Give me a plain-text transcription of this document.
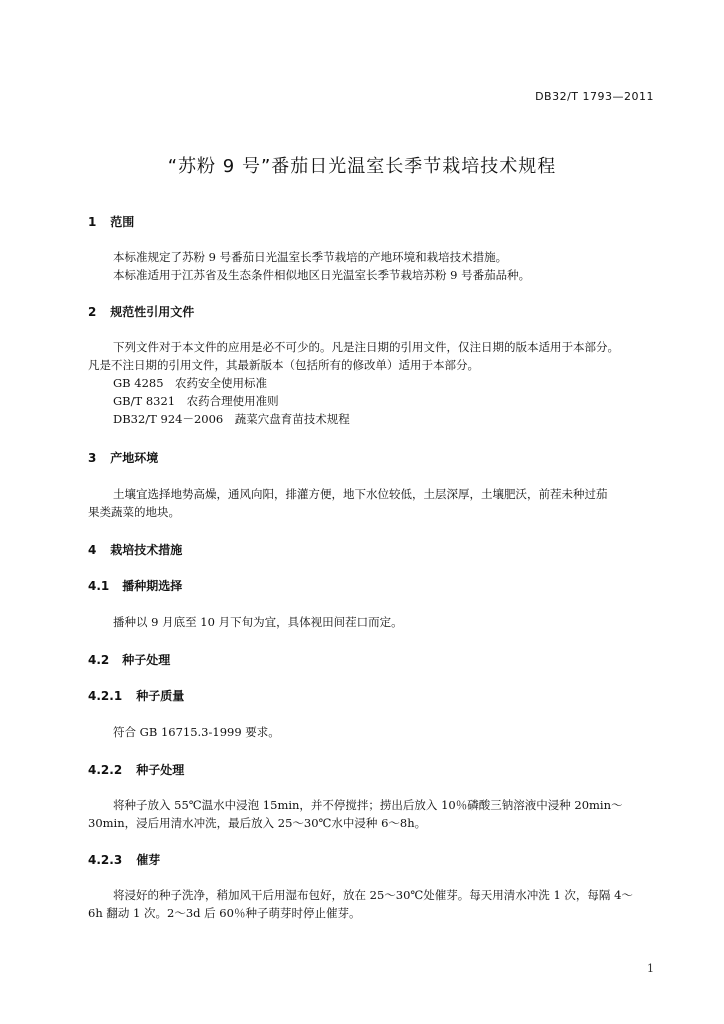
DB32/T 1793—2011
“苏粉 9 号”番茄日光温室长季节栽培技术规程
1 范围
本标准规定了苏粉 9 号番茄日光温室长季节栽培的产地环境和栽培技术措施。
本标准适用于江苏省及生态条件相似地区日光温室长季节栽培苏粉 9 号番茄品种。
2 规范性引用文件
下列文件对于本文件的应用是必不可少的。凡是注日期的引用文件，仅注日期的版本适用于本部分。
凡是不注日期的引用文件，其最新版本（包括所有的修改单）适用于本部分。
GB 4285　农药安全使用标准
GB/T 8321　农药合理使用准则
DB32/T 924－2006　蔬菜穴盘育苗技术规程
3 产地环境
土壤宜选择地势高燥，通风向阳，排灌方便，地下水位较低，土层深厚，土壤肥沃，前茬未种过茄
果类蔬菜的地块。
4 栽培技术措施
4.1 播种期选择
播种以 9 月底至 10 月下旬为宜，具体视田间茬口而定。
4.2 种子处理
4.2.1 种子质量
符合 GB 16715.3-1999 要求。
4.2.2 种子处理
将种子放入 55℃温水中浸泡 15min，并不停搅拌；捞出后放入 10％磷酸三钠溶液中浸种 20min～
30min，浸后用清水冲洗，最后放入 25～30℃水中浸种 6～8h。
4.2.3 催芽
将浸好的种子洗净，稍加风干后用湿布包好，放在 25～30℃处催芽。每天用清水冲洗 1 次，每隔 4～
6h 翻动 1 次。2～3d 后 60％种子萌芽时停止催芽。
1
